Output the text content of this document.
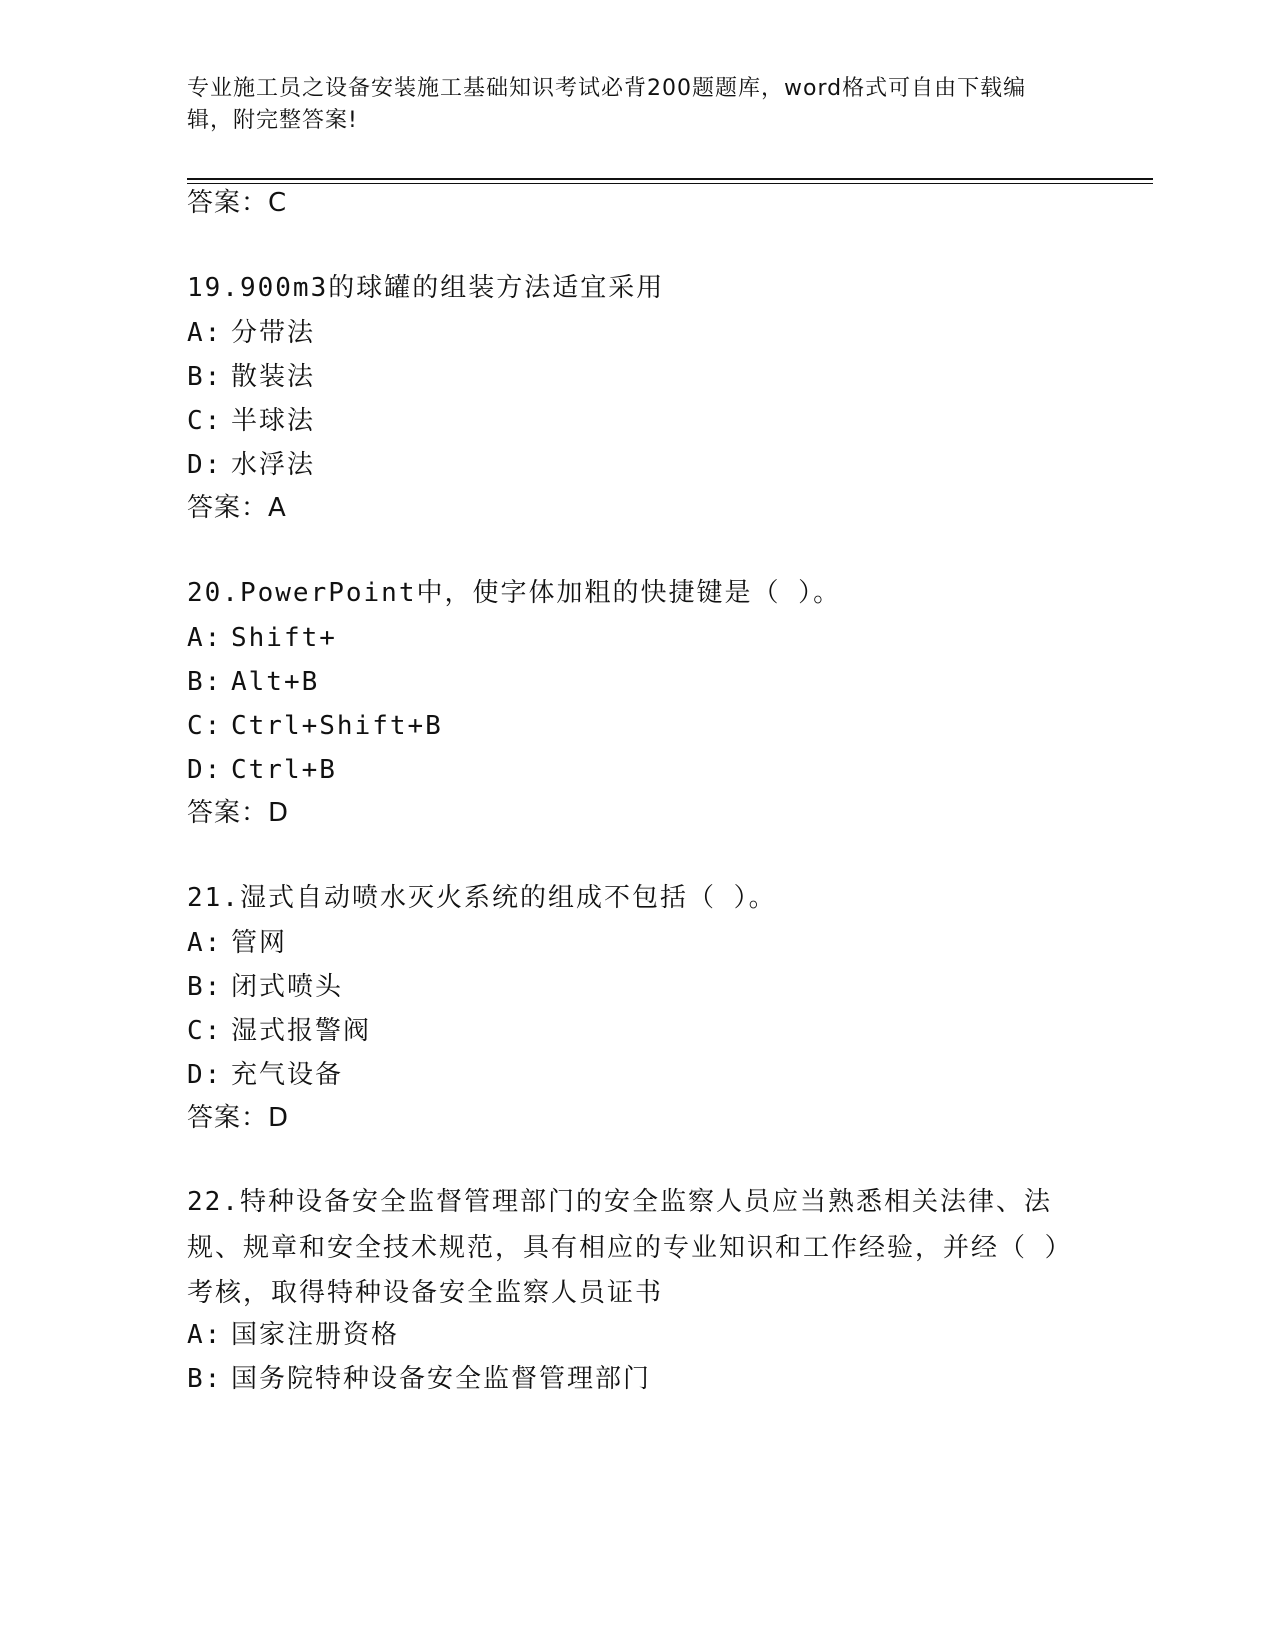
专业施工员之设备安装施工基础知识考试必背200题题库，word格式可自由下载编辑，附完整答案!
答案：C
19.900m3的球罐的组装方法适宜采用
A: 分带法
B: 散装法
C: 半球法
D: 水浮法
答案：A
20.PowerPoint中，使字体加粗的快捷键是（ ）。
A: Shift+
B: Alt+B
C: Ctrl+Shift+B
D: Ctrl+B
答案：D
21.湿式自动喷水灭火系统的组成不包括（ ）。
A: 管网
B: 闭式喷头
C: 湿式报警阀
D: 充气设备
答案：D
22.特种设备安全监督管理部门的安全监察人员应当熟悉相关法律、法规、规章和安全技术规范，具有相应的专业知识和工作经验，并经（ ）考核，取得特种设备安全监察人员证书
A: 国家注册资格
B: 国务院特种设备安全监督管理部门
